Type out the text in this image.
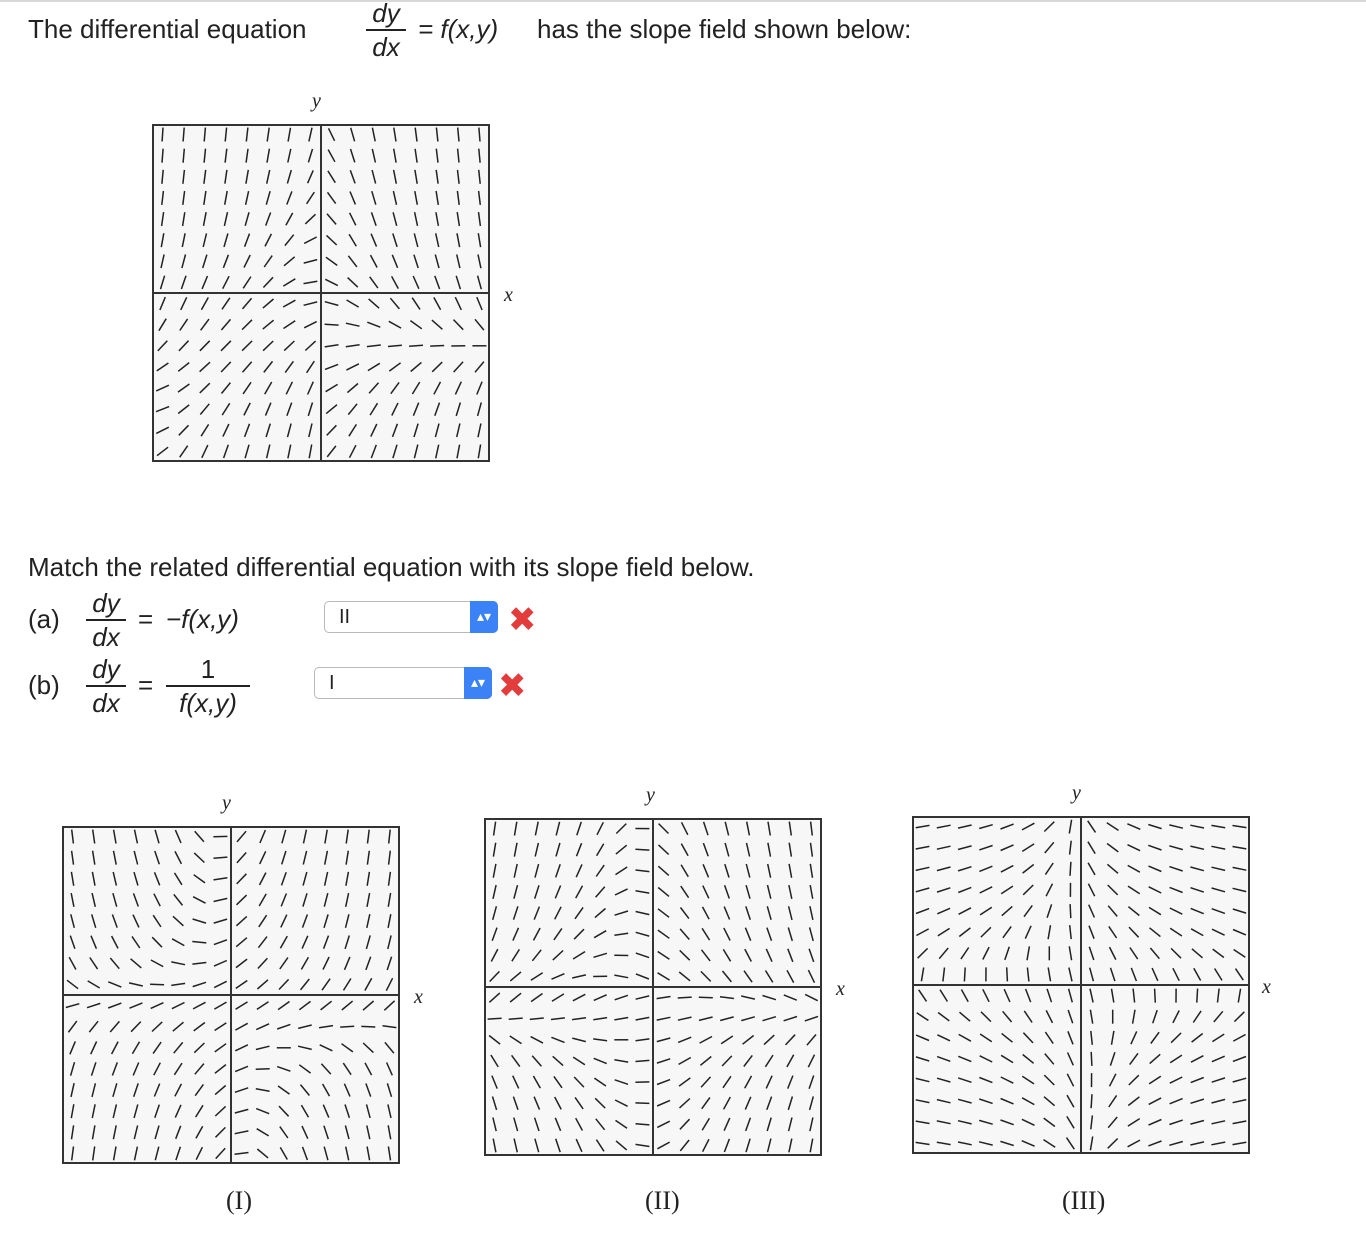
The differential equation
dy
dx
= f(x,y) has the slope field shown below:
y
x
Match the related differential equation with its slope field below.
(a)
dy
dx
= −f(x,y)	II	▴▾ ✖
(b)
dy
dx
=
1
f(x,y)
I	▴▾ ✖
y
x
(I)
y
x
(II)
y
x
(III)
